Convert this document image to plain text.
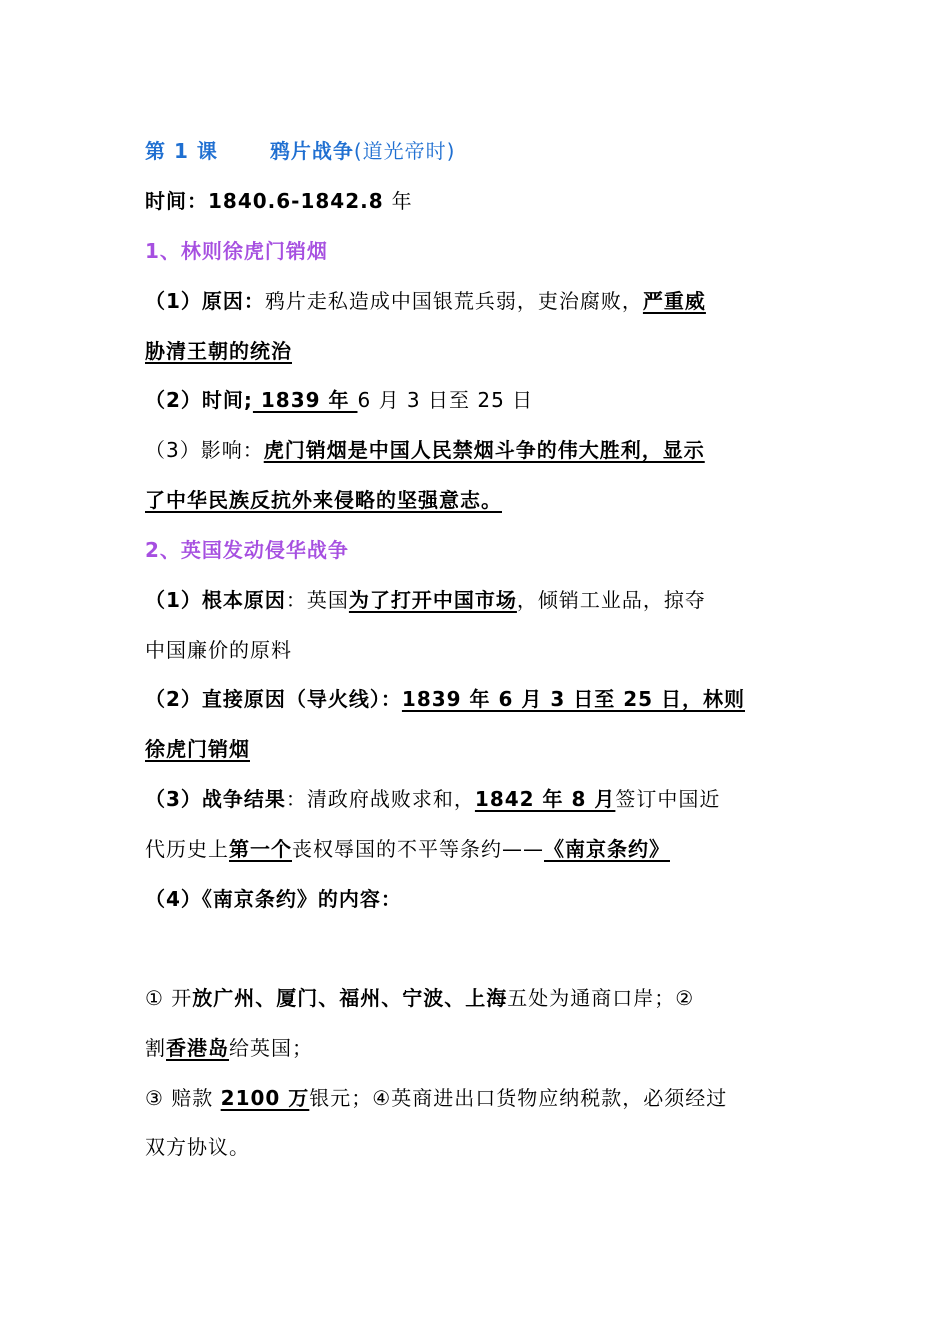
第 1 课	鸦片战争(道光帝时)
时间：1840.6-1842.8 年
1、林则徐虎门销烟
（1）原因：鸦片走私造成中国银荒兵弱，吏治腐败，严重威
胁清王朝的统治
（2）时间; 1839 年 6 月 3 日至 25 日
（3）影响：虎门销烟是中国人民禁烟斗争的伟大胜利，显示
了中华民族反抗外来侵略的坚强意志。
2、英国发动侵华战争
（1）根本原因：英国为了打开中国市场，倾销工业品，掠夺
中国廉价的原料
（2）直接原因（导火线）：1839 年 6 月 3 日至 25 日，林则
徐虎门销烟
（3）战争结果：清政府战败求和，1842 年 8 月签订中国近
代历史上第一个丧权辱国的不平等条约——《南京条约》
（4）《南京条约》的内容：
① 开放广州、厦门、福州、宁波、上海五处为通商口岸；②
割香港岛给英国；
③ 赔款 2100 万银元；④英商进出口货物应纳税款，必须经过
双方协议。
